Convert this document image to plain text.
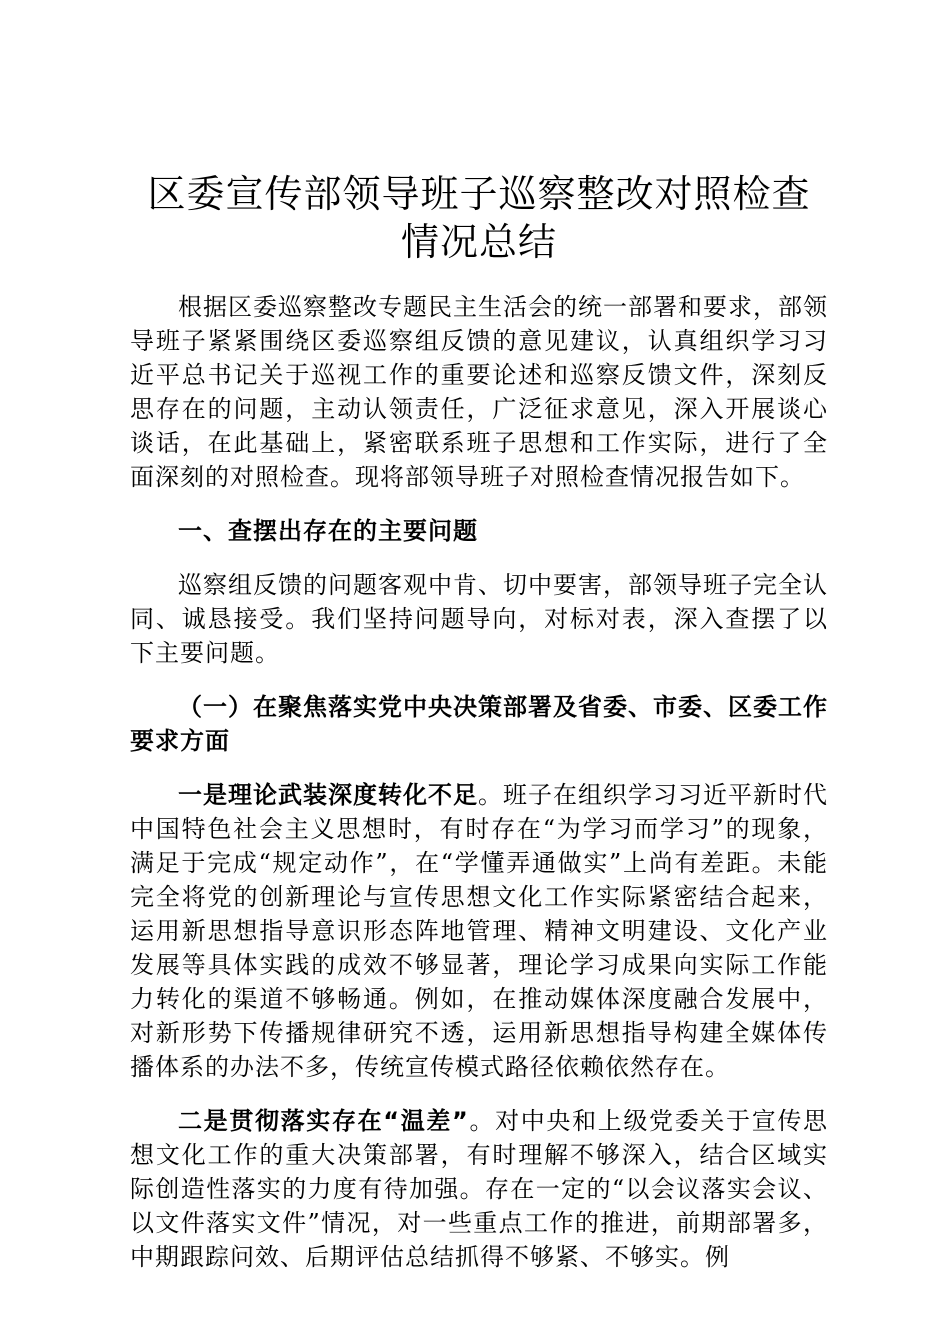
区委宣传部领导班子巡察整改对照检查情况总结

根据区委巡察整改专题民主生活会的统一部署和要求，部领导班子紧紧围绕区委巡察组反馈的意见建议，认真组织学习习近平总书记关于巡视工作的重要论述和巡察反馈文件，深刻反思存在的问题，主动认领责任，广泛征求意见，深入开展谈心谈话，在此基础上，紧密联系班子思想和工作实际，进行了全面深刻的对照检查。现将部领导班子对照检查情况报告如下。

一、查摆出存在的主要问题

巡察组反馈的问题客观中肯、切中要害，部领导班子完全认同、诚恳接受。我们坚持问题导向，对标对表，深入查摆了以下主要问题。

（一）在聚焦落实党中央决策部署及省委、市委、区委工作要求方面

一是理论武装深度转化不足。班子在组织学习习近平新时代中国特色社会主义思想时，有时存在“为学习而学习”的现象，满足于完成“规定动作”，在“学懂弄通做实”上尚有差距。未能完全将党的创新理论与宣传思想文化工作实际紧密结合起来，运用新思想指导意识形态阵地管理、精神文明建设、文化产业发展等具体实践的成效不够显著，理论学习成果向实际工作能力转化的渠道不够畅通。例如，在推动媒体深度融合发展中，对新形势下传播规律研究不透，运用新思想指导构建全媒体传播体系的办法不多，传统宣传模式路径依赖依然存在。

二是贯彻落实存在“温差”。对中央和上级党委关于宣传思想文化工作的重大决策部署，有时理解不够深入，结合区域实际创造性落实的力度有待加强。存在一定的“以会议落实会议、以文件落实文件”情况，对一些重点工作的推进，前期部署多，中期跟踪问效、后期评估总结抓得不够紧、不够实。例
